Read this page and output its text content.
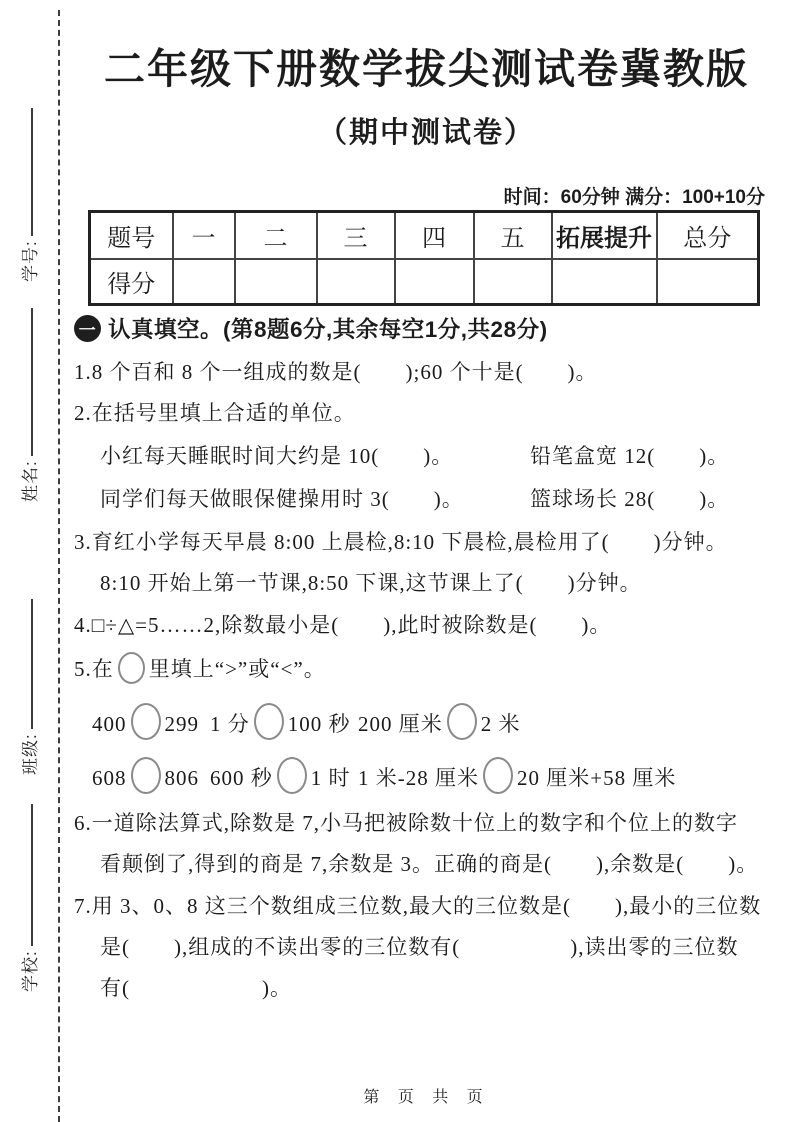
学号:
姓名:
班级:
学校:
二年级下册数学拔尖测试卷冀教版
（期中测试卷）
时间：60分钟 满分：100+10分
题号	一	二	三	四	五	拓展提升	总分
得分							
一 认真填空。 (第8题6分,其余每空1分,共28分)
1.8 个百和 8 个一组成的数是(　　);60 个十是(　　)。
2.在括号里填上合适的单位。
小红每天睡眠时间大约是 10(　　)。	铅笔盒宽 12(　　)。
同学们每天做眼保健操用时 3(　　)。	篮球场长 28(　　)。
3.育红小学每天早晨 8:00 上晨检,8:10 下晨检,晨检用了(　　)分钟。
8:10 开始上第一节课,8:50 下课,这节课上了(　　)分钟。
4.□÷△=5……2,除数最小是(　　),此时被除数是(　　)。
5.在 里填上“>”或“<”。
400 299 1 分 100 秒 200 厘米 2 米
608 806 600 秒 1 时 1 米-28 厘米 20 厘米+58 厘米
6.一道除法算式,除数是 7,小马把被除数十位上的数字和个位上的数字
看颠倒了,得到的商是 7,余数是 3。正确的商是(　　),余数是(　　)。
7.用 3、0、8 这三个数组成三位数,最大的三位数是(　　),最小的三位数
是(　　),组成的不读出零的三位数有(　　　　　),读出零的三位数
有(　　　　　　)。
第 页 共 页
